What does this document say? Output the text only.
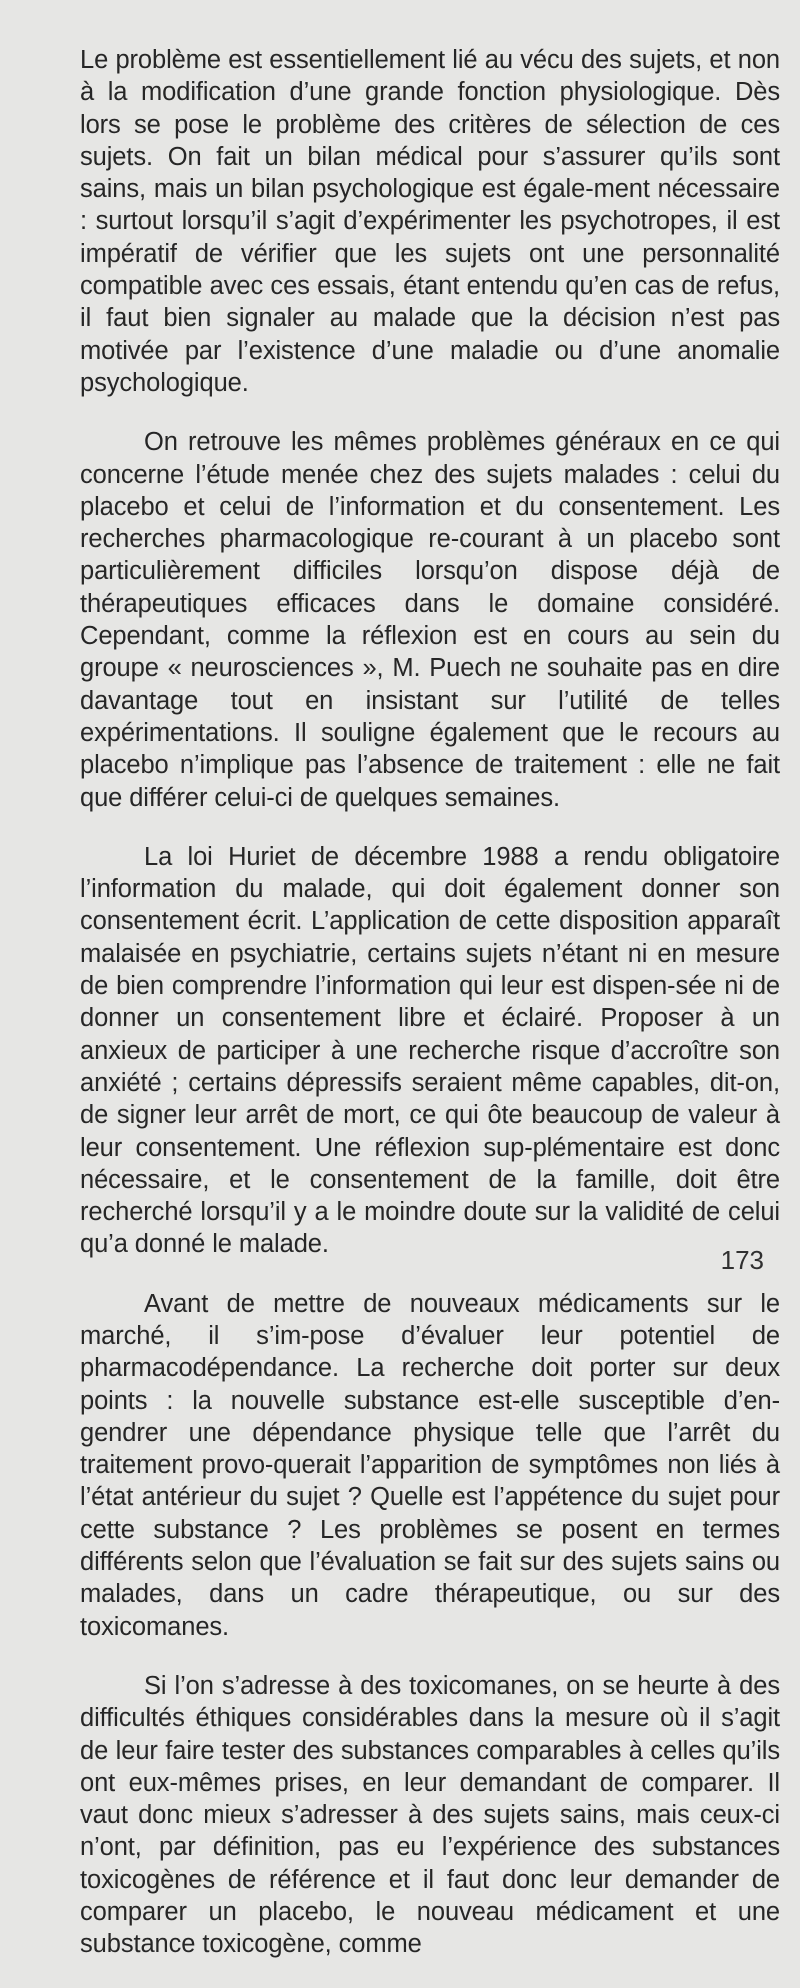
Le problème est essentiellement lié au vécu des sujets, et non à la modification d’une grande fonction physiologique. Dès lors se pose le problème des critères de sélection de ces sujets. On fait un bilan médical pour s’assurer qu’ils sont sains, mais un bilan psychologique est égale-ment nécessaire : surtout lorsqu’il s’agit d’expérimenter les psychotropes, il est impératif de vérifier que les sujets ont une personnalité compatible avec ces essais, étant entendu qu’en cas de refus, il faut bien signaler au malade que la décision n’est pas motivée par l’existence d’une maladie ou d’une anomalie psychologique.

On retrouve les mêmes problèmes généraux en ce qui concerne l’étude menée chez des sujets malades : celui du placebo et celui de l’information et du consentement. Les recherches pharmacologique re-courant à un placebo sont particulièrement difficiles lorsqu’on dispose déjà de thérapeutiques efficaces dans le domaine considéré. Cependant, comme la réflexion est en cours au sein du groupe « neurosciences », M. Puech ne souhaite pas en dire davantage tout en insistant sur l’utilité de telles expérimentations. Il souligne également que le recours au placebo n’implique pas l’absence de traitement : elle ne fait que différer celui-ci de quelques semaines.

La loi Huriet de décembre 1988 a rendu obligatoire l’information du malade, qui doit également donner son consentement écrit. L’application de cette disposition apparaît malaisée en psychiatrie, certains sujets n’étant ni en mesure de bien comprendre l’information qui leur est dispen-sée ni de donner un consentement libre et éclairé. Proposer à un anxieux de participer à une recherche risque d’accroître son anxiété ; certains dépressifs seraient même capables, dit-on, de signer leur arrêt de mort, ce qui ôte beaucoup de valeur à leur consentement. Une réflexion sup-plémentaire est donc nécessaire, et le consentement de la famille, doit être recherché lorsqu’il y a le moindre doute sur la validité de celui qu’a donné le malade.

Avant de mettre de nouveaux médicaments sur le marché, il s’im-pose d’évaluer leur potentiel de pharmacodépendance. La recherche doit porter sur deux points : la nouvelle substance est-elle susceptible d’en-gendrer une dépendance physique telle que l’arrêt du traitement provo-querait l’apparition de symptômes non liés à l’état antérieur du sujet ? Quelle est l’appétence du sujet pour cette substance ? Les problèmes se posent en termes différents selon que l’évaluation se fait sur des sujets sains ou malades, dans un cadre thérapeutique, ou sur des toxicomanes.

Si l’on s’adresse à des toxicomanes, on se heurte à des difficultés éthiques considérables dans la mesure où il s’agit de leur faire tester des substances comparables à celles qu’ils ont eux-mêmes prises, en leur demandant de comparer. Il vaut donc mieux s’adresser à des sujets sains, mais ceux-ci n’ont, par définition, pas eu l’expérience des substances toxicogènes de référence et il faut donc leur demander de comparer un placebo, le nouveau médicament et une substance toxicogène, comme

173
